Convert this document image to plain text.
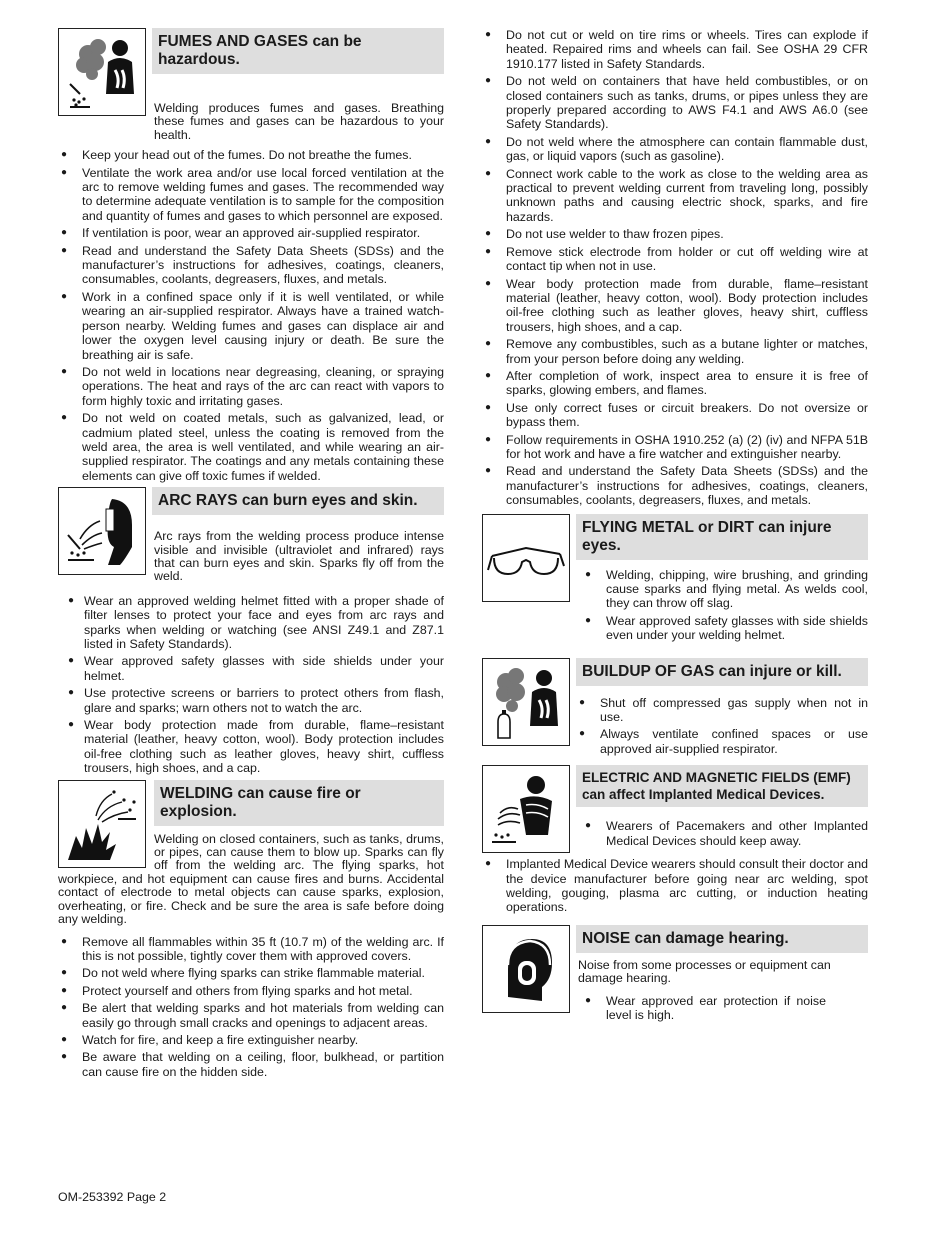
FUMES AND GASES can be hazardous.
Welding produces fumes and gases. Breathing these fumes and gases can be hazardous to your health.
● Keep your head out of the fumes. Do not breathe the fumes.
● Ventilate the work area and/or use local forced ventilation at the arc to remove welding fumes and gases. The recommended way to determine adequate ventilation is to sample for the composition and quantity of fumes and gases to which personnel are exposed.
● If ventilation is poor, wear an approved air-supplied respirator.
● Read and understand the Safety Data Sheets (SDSs) and the manufacturer’s instructions for adhesives, coatings, cleaners, consumables, coolants, degreasers, fluxes, and metals.
● Work in a confined space only if it is well ventilated, or while wearing an air-supplied respirator. Always have a trained watch-person nearby. Welding fumes and gases can displace air and lower the oxygen level causing injury or death. Be sure the breathing air is safe.
● Do not weld in locations near degreasing, cleaning, or spraying operations. The heat and rays of the arc can react with vapors to form highly toxic and irritating gases.
● Do not weld on coated metals, such as galvanized, lead, or cadmium plated steel, unless the coating is removed from the weld area, the area is well ventilated, and while wearing an air-supplied respirator. The coatings and any metals containing these elements can give off toxic fumes if welded.
ARC RAYS can burn eyes and skin.
Arc rays from the welding process produce intense visible and invisible (ultraviolet and infrared) rays that can burn eyes and skin. Sparks fly off from the weld.
● Wear an approved welding helmet fitted with a proper shade of filter lenses to protect your face and eyes from arc rays and sparks when welding or watching (see ANSI Z49.1 and Z87.1 listed in Safety Standards).
● Wear approved safety glasses with side shields under your helmet.
● Use protective screens or barriers to protect others from flash, glare and sparks; warn others not to watch the arc.
● Wear body protection made from durable, flame–resistant material (leather, heavy cotton, wool). Body protection includes oil-free clothing such as leather gloves, heavy shirt, cuffless trousers, high shoes, and a cap.
WELDING can cause fire or explosion.
Welding on closed containers, such as tanks, drums, or pipes, can cause them to blow up. Sparks can fly off from the welding arc. The flying sparks, hot workpiece, and hot equipment can cause fires and burns. Accidental contact of electrode to metal objects can cause sparks, explosion, overheating, or fire. Check and be sure the area is safe before doing any welding.
● Remove all flammables within 35 ft (10.7 m) of the welding arc. If this is not possible, tightly cover them with approved covers.
● Do not weld where flying sparks can strike flammable material.
● Protect yourself and others from flying sparks and hot metal.
● Be alert that welding sparks and hot materials from welding can easily go through small cracks and openings to adjacent areas.
● Watch for fire, and keep a fire extinguisher nearby.
● Be aware that welding on a ceiling, floor, bulkhead, or partition can cause fire on the hidden side.
● Do not cut or weld on tire rims or wheels. Tires can explode if heated. Repaired rims and wheels can fail. See OSHA 29 CFR 1910.177 listed in Safety Standards.
● Do not weld on containers that have held combustibles, or on closed containers such as tanks, drums, or pipes unless they are properly prepared according to AWS F4.1 and AWS A6.0 (see Safety Standards).
● Do not weld where the atmosphere can contain flammable dust, gas, or liquid vapors (such as gasoline).
● Connect work cable to the work as close to the welding area as practical to prevent welding current from traveling long, possibly unknown paths and causing electric shock, sparks, and fire hazards.
● Do not use welder to thaw frozen pipes.
● Remove stick electrode from holder or cut off welding wire at contact tip when not in use.
● Wear body protection made from durable, flame–resistant material (leather, heavy cotton, wool). Body protection includes oil-free clothing such as leather gloves, heavy shirt, cuffless trousers, high shoes, and a cap.
● Remove any combustibles, such as a butane lighter or matches, from your person before doing any welding.
● After completion of work, inspect area to ensure it is free of sparks, glowing embers, and flames.
● Use only correct fuses or circuit breakers. Do not oversize or bypass them.
● Follow requirements in OSHA 1910.252 (a) (2) (iv) and NFPA 51B for hot work and have a fire watcher and extinguisher nearby.
● Read and understand the Safety Data Sheets (SDSs) and the manufacturer’s instructions for adhesives, coatings, cleaners, consumables, coolants, degreasers, fluxes, and metals.
FLYING METAL or DIRT can injure eyes.
● Welding, chipping, wire brushing, and grinding cause sparks and flying metal. As welds cool, they can throw off slag.
● Wear approved safety glasses with side shields even under your welding helmet.
BUILDUP OF GAS can injure or kill.
● Shut off compressed gas supply when not in use.
● Always ventilate confined spaces or use approved air-supplied respirator.
ELECTRIC AND MAGNETIC FIELDS (EMF)
can affect Implanted Medical Devices.
● Wearers of Pacemakers and other Implanted Medical Devices should keep away.
● Implanted Medical Device wearers should consult their doctor and the device manufacturer before going near arc welding, spot welding, gouging, plasma arc cutting, or induction heating operations.
NOISE can damage hearing.
Noise from some processes or equipment can damage hearing.
● Wear approved ear protection if noise level is high.
OM-253392 Page 2
